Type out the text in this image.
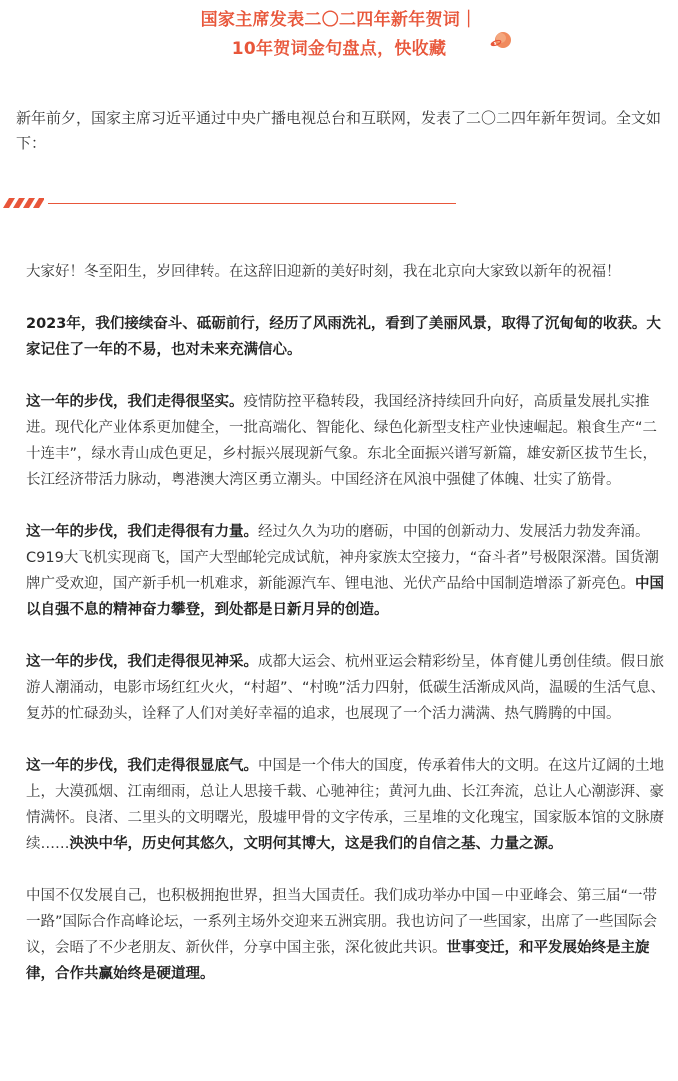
国家主席发表二〇二四年新年贺词｜
10年贺词金句盘点，快收藏
新年前夕，国家主席习近平通过中央广播电视总台和互联网，发表了二〇二四年新年贺词。全文如下：

大家好！冬至阳生，岁回律转。在这辞旧迎新的美好时刻，我在北京向大家致以新年的祝福！

2023年，我们接续奋斗、砥砺前行，经历了风雨洗礼，看到了美丽风景，取得了沉甸甸的收获。大家记住了一年的不易，也对未来充满信心。

这一年的步伐，我们走得很坚实。疫情防控平稳转段，我国经济持续回升向好，高质量发展扎实推进。现代化产业体系更加健全，一批高端化、智能化、绿色化新型支柱产业快速崛起。粮食生产“二十连丰”，绿水青山成色更足，乡村振兴展现新气象。东北全面振兴谱写新篇，雄安新区拔节生长，长江经济带活力脉动，粤港澳大湾区勇立潮头。中国经济在风浪中强健了体魄、壮实了筋骨。

这一年的步伐，我们走得很有力量。经过久久为功的磨砺，中国的创新动力、发展活力勃发奔涌。C919大飞机实现商飞，国产大型邮轮完成试航，神舟家族太空接力，“奋斗者”号极限深潜。国货潮牌广受欢迎，国产新手机一机难求，新能源汽车、锂电池、光伏产品给中国制造增添了新亮色。中国以自强不息的精神奋力攀登，到处都是日新月异的创造。

这一年的步伐，我们走得很见神采。成都大运会、杭州亚运会精彩纷呈，体育健儿勇创佳绩。假日旅游人潮涌动，电影市场红红火火，“村超”、“村晚”活力四射，低碳生活渐成风尚，温暖的生活气息、复苏的忙碌劲头，诠释了人们对美好幸福的追求，也展现了一个活力满满、热气腾腾的中国。

这一年的步伐，我们走得很显底气。中国是一个伟大的国度，传承着伟大的文明。在这片辽阔的土地上，大漠孤烟、江南细雨，总让人思接千载、心驰神往；黄河九曲、长江奔流，总让人心潮澎湃、豪情满怀。良渚、二里头的文明曙光，殷墟甲骨的文字传承，三星堆的文化瑰宝，国家版本馆的文脉赓续……泱泱中华，历史何其悠久，文明何其博大，这是我们的自信之基、力量之源。

中国不仅发展自己，也积极拥抱世界，担当大国责任。我们成功举办中国－中亚峰会、第三届“一带一路”国际合作高峰论坛，一系列主场外交迎来五洲宾朋。我也访问了一些国家，出席了一些国际会议，会晤了不少老朋友、新伙伴，分享中国主张，深化彼此共识。世事变迁，和平发展始终是主旋律，合作共赢始终是硬道理。
